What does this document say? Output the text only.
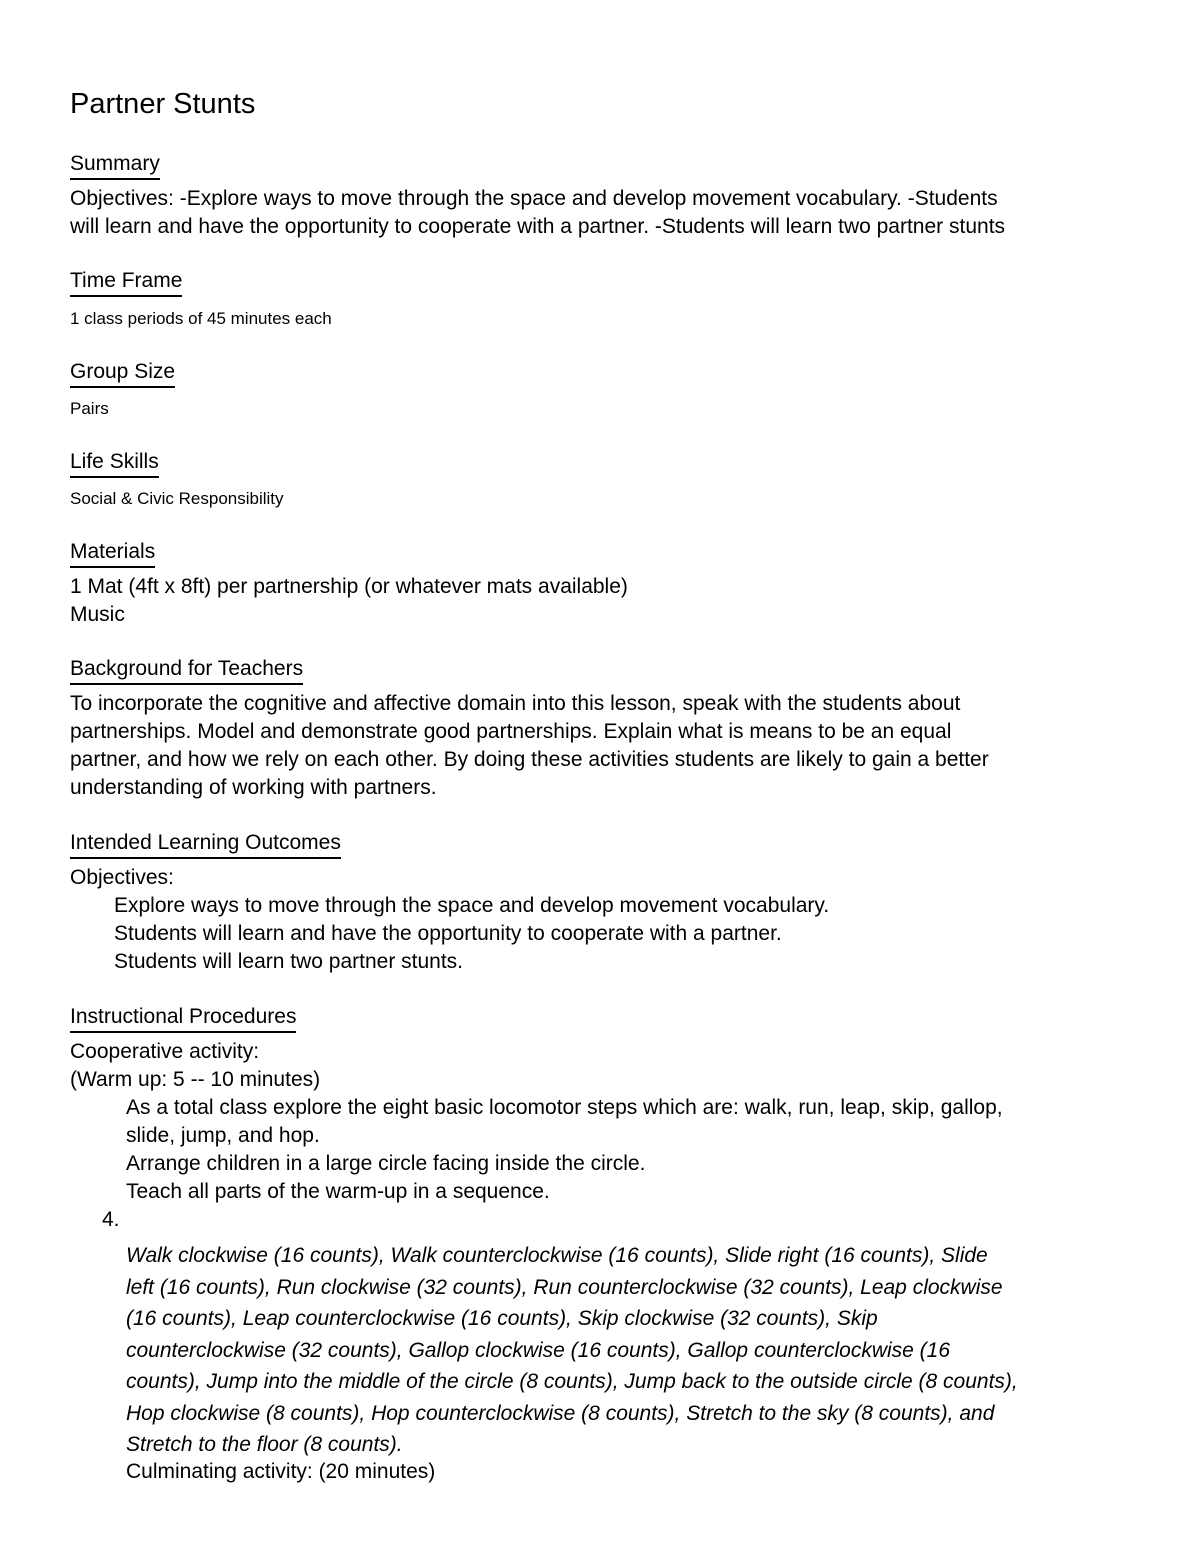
Partner Stunts
Summary
Objectives: -Explore ways to move through the space and develop movement vocabulary. -Students
will learn and have the opportunity to cooperate with a partner. -Students will learn two partner stunts
Time Frame
1 class periods of 45 minutes each
Group Size
Pairs
Life Skills
Social & Civic Responsibility
Materials
1 Mat (4ft x 8ft) per partnership (or whatever mats available)
Music
Background for Teachers
To incorporate the cognitive and affective domain into this lesson, speak with the students about
partnerships. Model and demonstrate good partnerships. Explain what is means to be an equal
partner, and how we rely on each other. By doing these activities students are likely to gain a better
understanding of working with partners.
Intended Learning Outcomes
Objectives:
Explore ways to move through the space and develop movement vocabulary.
Students will learn and have the opportunity to cooperate with a partner.
Students will learn two partner stunts.
Instructional Procedures
Cooperative activity:
(Warm up: 5 -- 10 minutes)
As a total class explore the eight basic locomotor steps which are: walk, run, leap, skip, gallop,
slide, jump, and hop.
Arrange children in a large circle facing inside the circle.
Teach all parts of the warm-up in a sequence.
4.
Walk clockwise (16 counts), Walk counterclockwise (16 counts), Slide right (16 counts), Slide
left (16 counts), Run clockwise (32 counts), Run counterclockwise (32 counts), Leap clockwise
(16 counts), Leap counterclockwise (16 counts), Skip clockwise (32 counts), Skip
counterclockwise (32 counts), Gallop clockwise (16 counts), Gallop counterclockwise (16
counts), Jump into the middle of the circle (8 counts), Jump back to the outside circle (8 counts),
Hop clockwise (8 counts), Hop counterclockwise (8 counts), Stretch to the sky (8 counts), and
Stretch to the floor (8 counts).
Culminating activity: (20 minutes)
